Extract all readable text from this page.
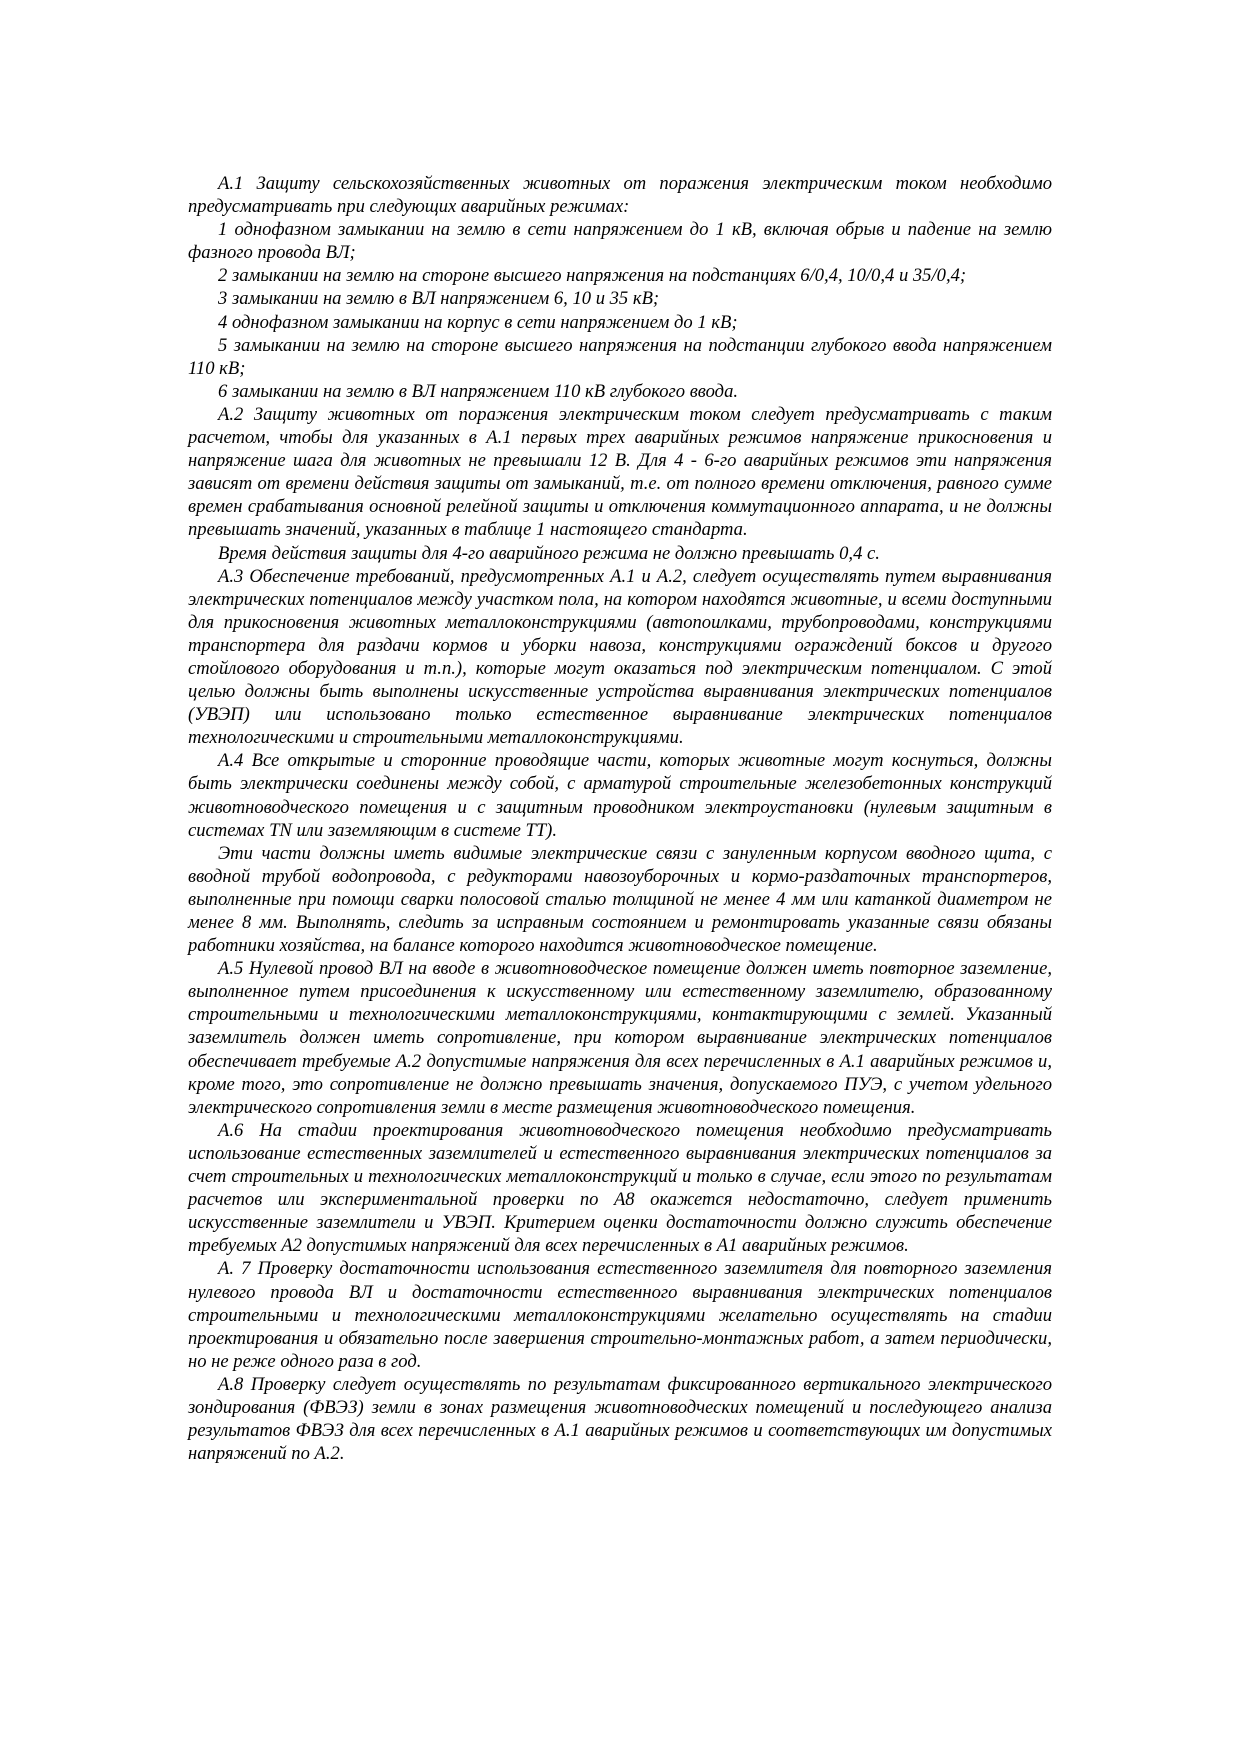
А.1 Защиту сельскохозяйственных животных от поражения электрическим током необходимо предусматривать при следующих аварийных режимах:

1 однофазном замыкании на землю в сети напряжением до 1 кВ, включая обрыв и падение на землю фазного провода ВЛ;

2 замыкании на землю на стороне высшего напряжения на подстанциях 6/0,4, 10/0,4 и 35/0,4;

3 замыкании на землю в ВЛ напряжением 6, 10 и 35 кВ;

4 однофазном замыкании на корпус в сети напряжением до 1 кВ;

5 замыкании на землю на стороне высшего напряжения на подстанции глубокого ввода напряжением 110 кВ;

6 замыкании на землю в ВЛ напряжением 110 кВ глубокого ввода.

А.2 Защиту животных от поражения электрическим током следует предусматривать с таким расчетом, чтобы для указанных в А.1 первых трех аварийных режимов напряжение прикосновения и напряжение шага для животных не превышали 12 В. Для 4 - 6-го аварийных режимов эти напряжения зависят от времени действия защиты от замыканий, т.е. от полного времени отключения, равного сумме времен срабатывания основной релейной защиты и отключения коммутационного аппарата, и не должны превышать значений, указанных в таблице 1 настоящего стандарта.

Время действия защиты для 4-го аварийного режима не должно превышать 0,4 с.

А.3 Обеспечение требований, предусмотренных А.1 и А.2, следует осуществлять путем выравнивания электрических потенциалов между участком пола, на котором находятся животные, и всеми доступными для прикосновения животных металлоконструкциями (автопоилками, трубопроводами, конструкциями транспортера для раздачи кормов и уборки навоза, конструкциями ограждений боксов и другого стойлового оборудования и т.п.), которые могут оказаться под электрическим потенциалом. С этой целью должны быть выполнены искусственные устройства выравнивания электрических потенциалов (УВЭП) или использовано только естественное выравнивание электрических потенциалов технологическими и строительными металлоконструкциями.

А.4 Все открытые и сторонние проводящие части, которых животные могут коснуться, должны быть электрически соединены между собой, с арматурой строительные железобетонных конструкций животноводческого помещения и с защитным проводником электроустановки (нулевым защитным в системах TN или заземляющим в системе TT).

Эти части должны иметь видимые электрические связи с зануленным корпусом вводного щита, с вводной трубой водопровода, с редукторами навозоуборочных и кормо-раздаточных транспортеров, выполненные при помощи сварки полосовой сталью толщиной не менее 4 мм или катанкой диаметром не менее 8 мм. Выполнять, следить за исправным состоянием и ремонтировать указанные связи обязаны работники хозяйства, на балансе которого находится животноводческое помещение.

А.5 Нулевой провод ВЛ на вводе в животноводческое помещение должен иметь повторное заземление, выполненное путем присоединения к искусственному или естественному заземлителю, образованному строительными и технологическими металлоконструкциями, контактирующими с землей. Указанный заземлитель должен иметь сопротивление, при котором выравнивание электрических потенциалов обеспечивает требуемые А.2 допустимые напряжения для всех перечисленных в А.1 аварийных режимов и, кроме того, это сопротивление не должно превышать значения, допускаемого ПУЭ, с учетом удельного электрического сопротивления земли в месте размещения животноводческого помещения.

А.6 На стадии проектирования животноводческого помещения необходимо предусматривать использование естественных заземлителей и естественного выравнивания электрических потенциалов за счет строительных и технологических металлоконструкций и только в случае, если этого по результатам расчетов или экспериментальной проверки по А8 окажется недостаточно, следует применить искусственные заземлители и УВЭП. Критерием оценки достаточности должно служить обеспечение требуемых А2 допустимых напряжений для всех перечисленных в А1 аварийных режимов.

А. 7 Проверку достаточности использования естественного заземлителя для повторного заземления нулевого провода ВЛ и достаточности естественного выравнивания электрических потенциалов строительными и технологическими металлоконструкциями желательно осуществлять на стадии проектирования и обязательно после завершения строительно-монтажных работ, а затем периодически, но не реже одного раза в год.

А.8 Проверку следует осуществлять по результатам фиксированного вертикального электрического зондирования (ФВЭЗ) земли в зонах размещения животноводческих помещений и последующего анализа результатов ФВЭЗ для всех перечисленных в А.1 аварийных режимов и соответствующих им допустимых напряжений по А.2.
